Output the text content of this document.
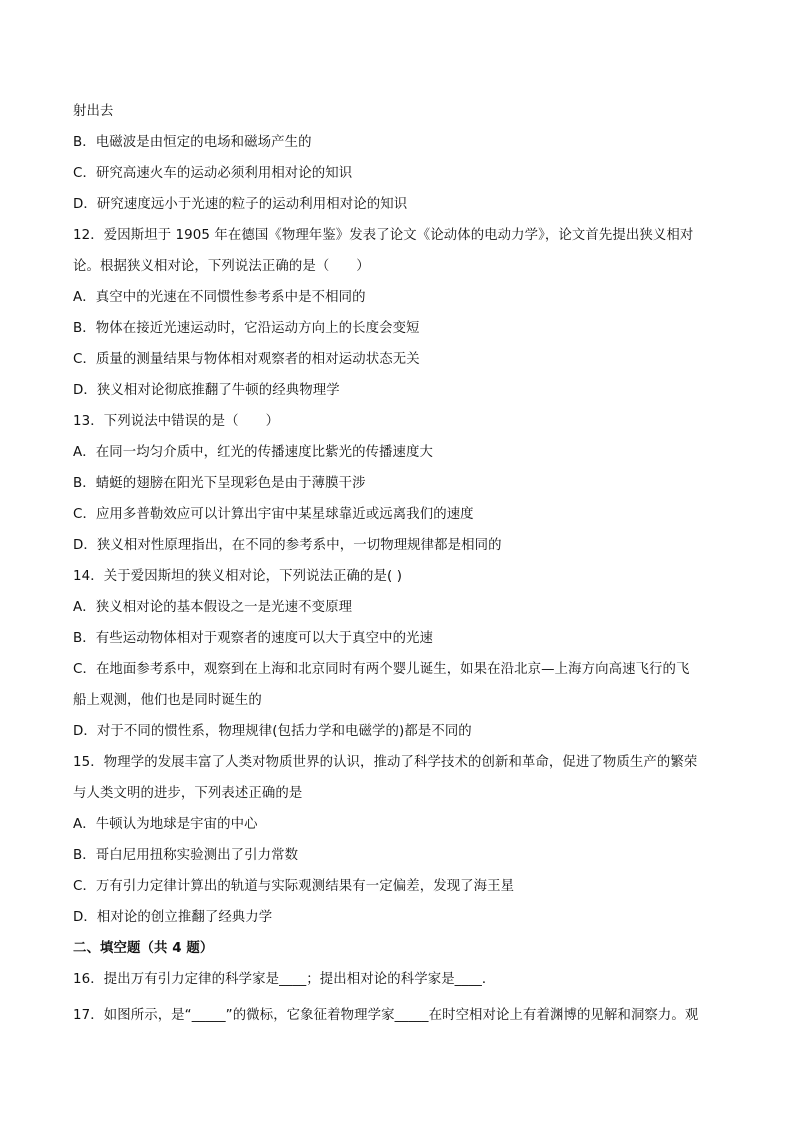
射出去
B．电磁波是由恒定的电场和磁场产生的
C．研究高速火车的运动必须利用相对论的知识
D．研究速度远小于光速的粒子的运动利用相对论的知识
12．爱因斯坦于 1905 年在德国《物理年鉴》发表了论文《论动体的电动力学》，论文首先提出狭义相对
论。根据狭义相对论，下列说法正确的是（　　）
A．真空中的光速在不同惯性参考系中是不相同的
B．物体在接近光速运动时，它沿运动方向上的长度会变短
C．质量的测量结果与物体相对观察者的相对运动状态无关
D．狭义相对论彻底推翻了牛顿的经典物理学
13．下列说法中错误的是（　　）
A．在同一均匀介质中，红光的传播速度比紫光的传播速度大
B．蜻蜓的翅膀在阳光下呈现彩色是由于薄膜干涉
C．应用多普勒效应可以计算出宇宙中某星球靠近或远离我们的速度
D．狭义相对性原理指出，在不同的参考系中，一切物理规律都是相同的
14．关于爱因斯坦的狭义相对论，下列说法正确的是( )
A．狭义相对论的基本假设之一是光速不变原理
B．有些运动物体相对于观察者的速度可以大于真空中的光速
C．在地面参考系中，观察到在上海和北京同时有两个婴儿诞生，如果在沿北京—上海方向高速飞行的飞
船上观测，他们也是同时诞生的
D．对于不同的惯性系，物理规律(包括力学和电磁学的)都是不同的
15．物理学的发展丰富了人类对物质世界的认识，推动了科学技术的创新和革命，促进了物质生产的繁荣
与人类文明的进步，下列表述正确的是
A．牛顿认为地球是宇宙的中心
B．哥白尼用扭称实验测出了引力常数
C．万有引力定律计算出的轨道与实际观测结果有一定偏差，发现了海王星
D．相对论的创立推翻了经典力学
二、填空题（共 4 题）
16．提出万有引力定律的科学家是____；提出相对论的科学家是____．
17．如图所示，是“_____”的微标，它象征着物理学家_____在时空相对论上有着渊博的见解和洞察力。观
